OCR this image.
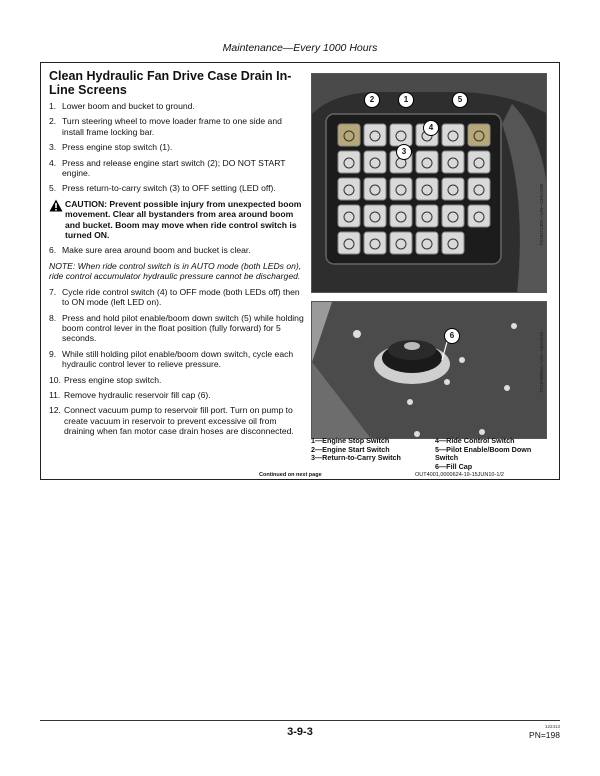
Maintenance—Every 1000 Hours
Clean Hydraulic Fan Drive Case Drain In-Line Screens
1. Lower boom and bucket to ground.
2. Turn steering wheel to move loader frame to one side and install frame locking bar.
3. Press engine stop switch (1).
4. Press and release engine start switch (2); DO NOT START engine.
5. Press return-to-carry switch (3) to OFF setting (LED off).
CAUTION: Prevent possible injury from unexpected boom movement. Clear all bystanders from area around boom and bucket. Boom may move when ride control switch is turned ON.
6. Make sure area around boom and bucket is clear.
NOTE: When ride control switch is in AUTO mode (both LEDs on), ride control accumulator hydraulic pressure cannot be discharged.
7. Cycle ride control switch (4) to OFF mode (both LEDs off) then to ON mode (left LED on).
8. Press and hold pilot enable/boom down switch (5) while holding boom control lever in the float position (fully forward) for 5 seconds.
9. While still holding pilot enable/boom down switch, cycle each hydraulic control lever to relieve pressure.
10. Press engine stop switch.
11. Remove hydraulic reservoir fill cap (6).
12. Connect vacuum pump to reservoir fill port. Turn on pump to create vacuum in reservoir to prevent excessive oil from draining when fan motor case drain hoses are disconnected.
2	1	5
4
3
TX1047130A—UN—13AUG08
6	TX1078804A—UN—04JUN10
1—Engine Stop Switch
2—Engine Start Switch
3—Return-to-Carry Switch
4—Ride Control Switch
5—Pilot Enable/Boom Down Switch
6—Fill Cap
Continued on next page	OUT4001,0000624-19-15JUN10-1/2
3-9-3	122413
PN=198
